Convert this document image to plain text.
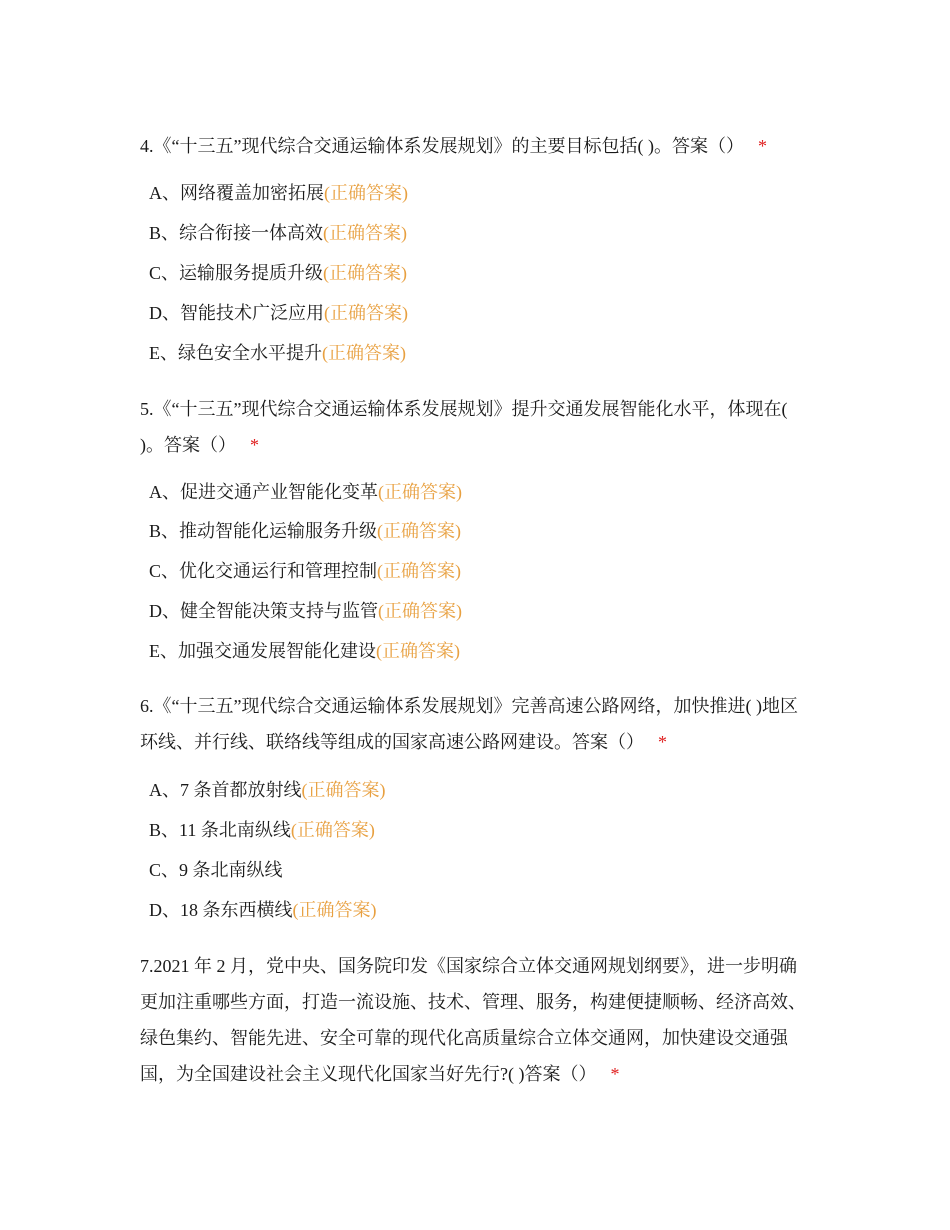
4.《“十三五”现代综合交通运输体系发展规划》的主要目标包括( )。答案（） *
A、网络覆盖加密拓展(正确答案)
B、综合衔接一体高效(正确答案)
C、运输服务提质升级(正确答案)
D、智能技术广泛应用(正确答案)
E、绿色安全水平提升(正确答案)
5.《“十三五”现代综合交通运输体系发展规划》提升交通发展智能化水平，体现在( )。答案（） *
A、促进交通产业智能化变革(正确答案)
B、推动智能化运输服务升级(正确答案)
C、优化交通运行和管理控制(正确答案)
D、健全智能决策支持与监管(正确答案)
E、加强交通发展智能化建设(正确答案)
6.《“十三五”现代综合交通运输体系发展规划》完善高速公路网络，加快推进( )地区环线、并行线、联络线等组成的国家高速公路网建设。答案（） *
A、7 条首都放射线(正确答案)
B、11 条北南纵线(正确答案)
C、9 条北南纵线
D、18 条东西横线(正确答案)
7.2021 年 2 月，党中央、国务院印发《国家综合立体交通网规划纲要》，进一步明确更加注重哪些方面，打造一流设施、技术、管理、服务，构建便捷顺畅、经济高效、绿色集约、智能先进、安全可靠的现代化高质量综合立体交通网，加快建设交通强国，为全国建设社会主义现代化国家当好先行?( )答案（） *
